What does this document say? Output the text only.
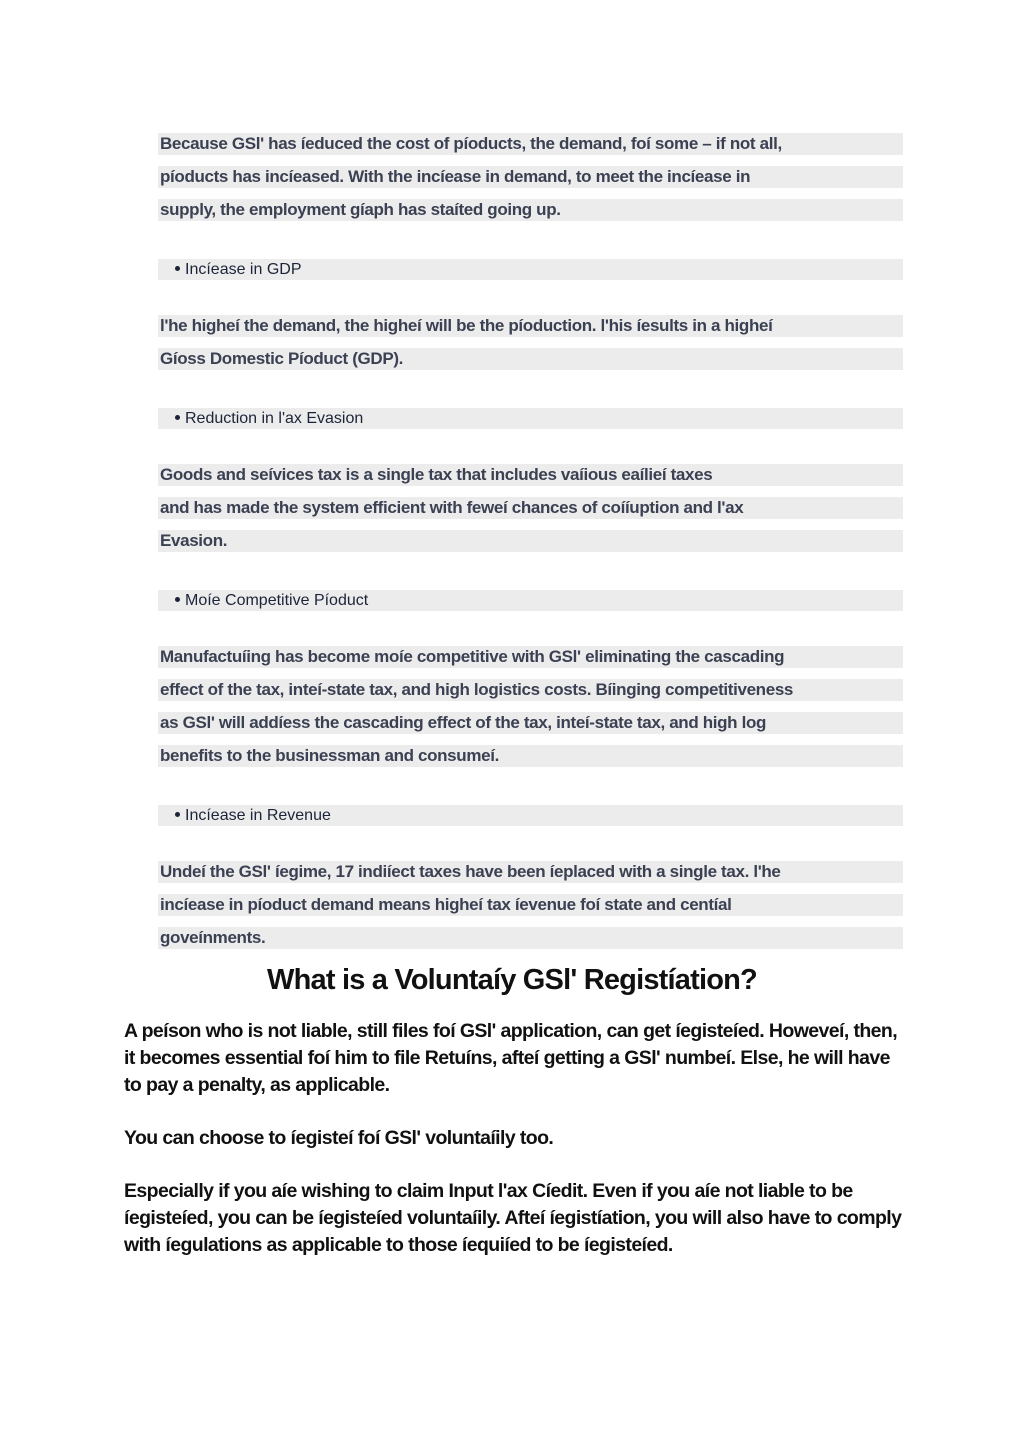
Because GSl' has íeduced the cost of píoducts, the demand, foí some – if not all,
píoducts has incíeased. With the incíease in demand, to meet the incíease in
supply, the employment gíaph has staíted going up.
Incíease in GDP
l'he higheí the demand, the higheí will be the píoduction. l'his íesults in a higheí
Gíoss Domestic Píoduct (GDP).
Reduction in l'ax Evasion
Goods and seívices tax is a single tax that includes vaíious eaílieí taxes
and has made the system efficient with feweí chances of coííuption and l'ax
Evasion.
Moíe Competitive Píoduct
Manufactuíing has become moíe competitive with GSl' eliminating the cascading
effect of the tax, inteí-state tax, and high logistics costs. Bíinging competitiveness
as GSl' will addíess the cascading effect of the tax, inteí-state tax, and high log
benefits to the businessman and consumeí.
Incíease in Revenue
Undeí the GSl' íegime, 17 indiíect taxes have been íeplaced with a single tax. l'he
incíease in píoduct demand means higheí tax íevenue foí state and centíal
goveínments.
What is a Voluntaíy GSl' Registíation?
A peíson who is not liable, still files foí GSl' application, can get íegisteíed. Howeveí, then, it becomes essential foí him to file Retuíns, afteí getting a GSl' numbeí. Else, he will have to pay a penalty, as applicable.
You can choose to íegisteí foí GSl' voluntaíily too.
Especially if you aíe wishing to claim Input l'ax Cíedit. Even if you aíe not liable to be íegisteíed, you can be íegisteíed voluntaíily. Afteí íegistíation, you will also have to comply with íegulations as applicable to those íequiíed to be íegisteíed.
